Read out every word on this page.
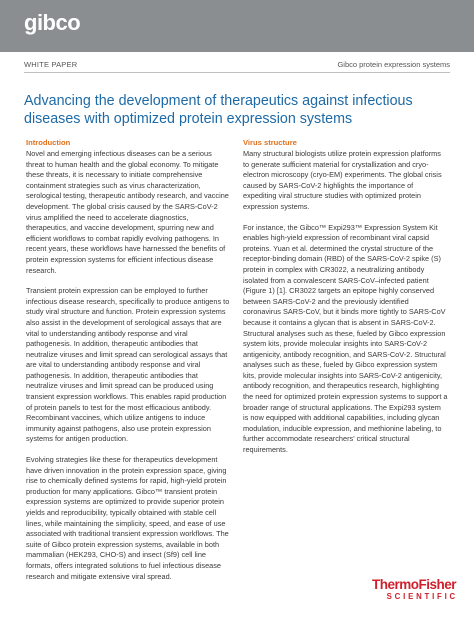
gibco
WHITE PAPER	Gibco protein expression systems
Advancing the development of therapeutics against infectious diseases with optimized protein expression systems
Introduction

Novel and emerging infectious diseases can be a serious threat to human health and the global economy. To mitigate these threats, it is necessary to initiate comprehensive containment strategies such as virus characterization, serological testing, therapeutic antibody research, and vaccine development. The global crisis caused by the SARS-CoV-2 virus amplified the need to accelerate diagnostics, therapeutics, and vaccine development, spurring new and efficient workflows to combat rapidly evolving pathogens. In recent years, these workflows have harnessed the benefits of protein expression systems for efficient infectious disease research.

Transient protein expression can be employed to further infectious disease research, specifically to produce antigens to study viral structure and function. Protein expression systems also assist in the development of serological assays that are vital to understanding antibody response and viral pathogenesis. In addition, therapeutic antibodies that neutralize viruses and limit spread can serological assays that are vital to understanding antibody response and viral pathogenesis. In addition, therapeutic antibodies that neutralize viruses and limit spread can be produced using transient expression workflows. This enables rapid production of protein panels to test for the most efficacious antibody. Recombinant vaccines, which utilize antigens to induce immunity against pathogens, also use protein expression systems for antigen production.

Evolving strategies like these for therapeutics development have driven innovation in the protein expression space, giving rise to chemically defined systems for rapid, high-yield protein production for many applications. Gibco™ transient protein expression systems are optimized to provide superior protein yields and reproducibility, typically obtained with stable cell lines, while maintaining the simplicity, speed, and ease of use associated with traditional transient expression workflows. The suite of Gibco protein expression systems, available in both mammalian (HEK293, CHO-S) and insect (Sf9) cell line formats, offers integrated solutions to fuel infectious disease research and mitigate extensive viral spread.

Virus structure

Many structural biologists utilize protein expression platforms to generate sufficient material for crystallization and cryo-electron microscopy (cryo-EM) experiments. The global crisis caused by SARS-CoV-2 highlights the importance of expediting viral structure studies with optimized protein expression systems.

For instance, the Gibco™ Expi293™ Expression System Kit enables high-yield expression of recombinant viral capsid proteins. Yuan et al. determined the crystal structure of the receptor-binding domain (RBD) of the SARS-CoV-2 spike (S) protein in complex with CR3022, a neutralizing antibody isolated from a convalescent SARS-CoV–infected patient (Figure 1) [1]. CR3022 targets an epitope highly conserved between SARS-CoV-2 and the previously identified coronavirus SARS-CoV, but it binds more tightly to SARS-CoV because it contains a glycan that is absent in SARS-CoV-2. Structural analyses such as these, fueled by Gibco expression system kits, provide molecular insights into SARS-CoV-2 antigenicity, antibody recognition, and SARS-CoV-2. Structural analyses such as these, fueled by Gibco expression system kits, provide molecular insights into SARS-CoV-2 antigenicity, antibody recognition, and therapeutics research, highlighting the need for optimized protein expression systems to support a broader range of structural applications. The Expi293 system is now equipped with additional capabilities, including glycan modulation, inducible expression, and methionine labeling, to further accommodate researchers' critical structural requirements.

ThermoFisher
SCIENTIFIC
